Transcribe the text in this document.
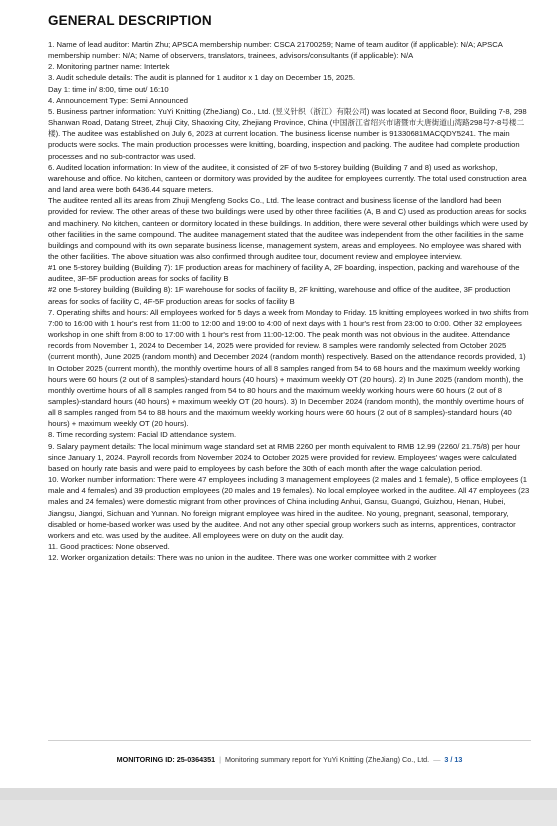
GENERAL DESCRIPTION

1. Name of lead auditor: Martin Zhu; APSCA membership number: CSCA 21700259; Name of team auditor (if applicable): N/A; APSCA membership number: N/A; Name of observers, translators, trainees, advisors/consultants (if applicable): N/A

2. Monitoring partner name: Intertek

3. Audit schedule details: The audit is planned for 1 auditor x 1 day on December 15, 2025.

Day 1: time in/ 8:00, time out/ 16:10

4. Announcement Type: Semi Announced

5. Business partner information: YuYi Knitting (ZheJiang) Co., Ltd. (昱义针织（浙江）有限公司) was located at Second floor, Building 7-8, 298 Shanwan Road, Datang Street, Zhuji City, Shaoxing City, Zhejiang Province, China (中国浙江省绍兴市诸暨市大唐街道山湾路298号7-8号楼二楼). The auditee was established on July 6, 2023 at current location. The business license number is 91330681MACQDY5241. The main products were socks. The main production processes were knitting, boarding, inspection and packing. The auditee had complete production processes and no sub-contractor was used.

6. Audited location information: In view of the auditee, it consisted of 2F of two 5-storey building (Building 7 and 8) used as workshop, warehouse and office. No kitchen, canteen or dormitory was provided by the auditee for employees currently. The total used construction area and land area were both 6436.44 square meters.

The auditee rented all its areas from Zhuji Mengfeng Socks Co., Ltd. The lease contract and business license of the landlord had been provided for review. The other areas of these two buildings were used by other three facilities (A, B and C) used as production areas for socks and machinery. No kitchen, canteen or dormitory located in these buildings. In addition, there were several other buildings which were used by other facilities in the same compound. The auditee management stated that the auditee was independent from the other facilities in the same buildings and compound with its own separate business license, management system, areas and employees. No employee was shared with the other facilities. The above situation was also confirmed through auditee tour, document review and employee interview.

#1 one 5-storey building (Building 7): 1F production areas for machinery of facility A, 2F boarding, inspection, packing and warehouse of the auditee, 3F-5F production areas for socks of facility B

#2 one 5-storey building (Building 8): 1F warehouse for socks of facility B, 2F knitting, warehouse and office of the auditee, 3F production areas for socks of facility C, 4F-5F production areas for socks of facility B

7. Operating shifts and hours: All employees worked for 5 days a week from Monday to Friday. 15 knitting employees worked in two shifts from 7:00 to 16:00 with 1 hour's rest from 11:00 to 12:00 and 19:00 to 4:00 of next days with 1 hour's rest from 23:00 to 0:00. Other 32 employees workshop in one shift from 8:00 to 17:00 with 1 hour's rest from 11:00-12:00. The peak month was not obvious in the auditee. Attendance records from November 1, 2024 to December 14, 2025 were provided for review. 8 samples were randomly selected from October 2025 (current month), June 2025 (random month) and December 2024 (random month) respectively. Based on the attendance records provided, 1) In October 2025 (current month), the monthly overtime hours of all 8 samples ranged from 54 to 68 hours and the maximum weekly working hours were 60 hours (2 out of 8 samples)-standard hours (40 hours) + maximum weekly OT (20 hours). 2) In June 2025 (random month), the monthly overtime hours of all 8 samples ranged from 54 to 80 hours and the maximum weekly working hours were 60 hours (2 out of 8 samples)-standard hours (40 hours) + maximum weekly OT (20 hours). 3) In December 2024 (random month), the monthly overtime hours of all 8 samples ranged from 54 to 88 hours and the maximum weekly working hours were 60 hours (2 out of 8 samples)-standard hours (40 hours) + maximum weekly OT (20 hours).

8. Time recording system: Facial ID attendance system.

9. Salary payment details: The local minimum wage standard set at RMB 2260 per month equivalent to RMB 12.99 (2260/ 21.75/8) per hour since January 1, 2024. Payroll records from November 2024 to October 2025 were provided for review. Employees' wages were calculated based on hourly rate basis and were paid to employees by cash before the 30th of each month after the wage calculation period.

10. Worker number information: There were 47 employees including 3 management employees (2 males and 1 female), 5 office employees (1 male and 4 females) and 39 production employees (20 males and 19 females). No local employee worked in the auditee. All 47 employees (23 males and 24 females) were domestic migrant from other provinces of China including Anhui, Gansu, Guangxi, Guizhou, Henan, Hubei, Jiangsu, Jiangxi, Sichuan and Yunnan. No foreign migrant employee was hired in the auditee. No young, pregnant, seasonal, temporary, disabled or home-based worker was used by the auditee. And not any other special group workers such as interns, apprentices, contractor workers and etc. was used by the auditee. All employees were on duty on the audit day.

11. Good practices: None observed.

12. Worker organization details: There was no union in the auditee. There was one worker committee with 2 worker

MONITORING ID: 25-0364351 | Monitoring summary report for YuYi Knitting (ZheJiang) Co., Ltd. — 3 / 13
